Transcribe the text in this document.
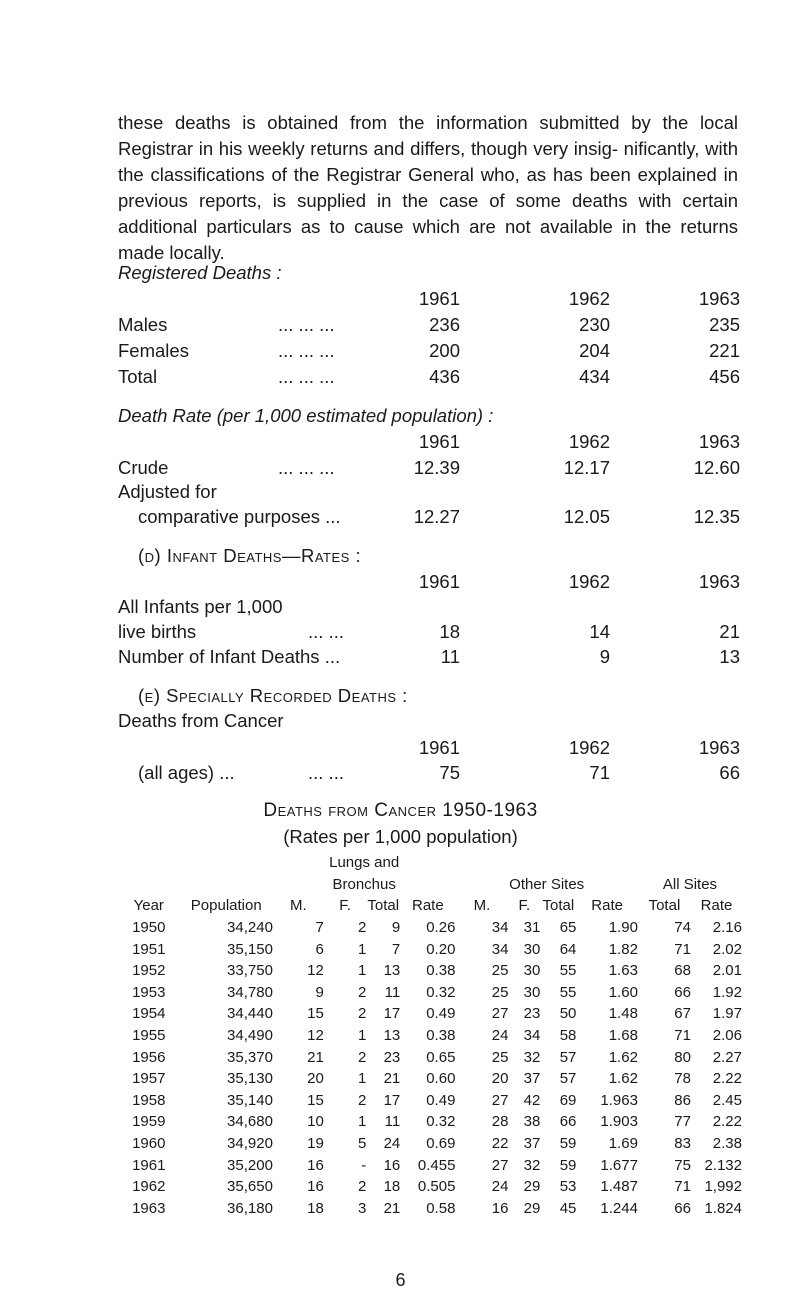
these deaths is obtained from the information submitted by the local Registrar in his weekly returns and differs, though very insig- nificantly, with the classifications of the Registrar General who, as has been explained in previous reports, is supplied in the case of some deaths with certain additional particulars as to cause which are not available in the returns made locally.

Registered Deaths :
1961	1962	1963
Males	... ... ...	236	230	235
Females	... ... ...	200	204	221
Total	... ... ...	436	434	456
Death Rate (per 1,000 estimated population) :
1961	1962	1963
Crude	... ... ...	12.39	12.17	12.60
Adjusted for
comparative purposes ...	12.27	12.05	12.35
(d) Infant Deaths—Rates :
1961	1962	1963
All Infants per 1,000
live births	... ...	18	14	21
Number of Infant Deaths ...	11	9	13
(e) Specially Recorded Deaths :
Deaths from Cancer
1961	1962	1963
(all ages) ...	... ...	75	71	66
Deaths from Cancer 1950-1963
(Rates per 1,000 population)
		Lungs and									
		Bronchus				Other Sites				All Sites	
Year	Population	M.	F.	Total	Rate	M.	F.	Total	Rate	Total	Rate
1950	34,240	7	2	9	0.26	34	31	65	1.90	74	2.16
1951	35,150	6	1	7	0.20	34	30	64	1.82	71	2.02
1952	33,750	12	1	13	0.38	25	30	55	1.63	68	2.01
1953	34,780	9	2	11	0.32	25	30	55	1.60	66	1.92
1954	34,440	15	2	17	0.49	27	23	50	1.48	67	1.97
1955	34,490	12	1	13	0.38	24	34	58	1.68	71	2.06
1956	35,370	21	2	23	0.65	25	32	57	1.62	80	2.27
1957	35,130	20	1	21	0.60	20	37	57	1.62	78	2.22
1958	35,140	15	2	17	0.49	27	42	69	1.963	86	2.45
1959	34,680	10	1	11	0.32	28	38	66	1.903	77	2.22
1960	34,920	19	5	24	0.69	22	37	59	1.69	83	2.38
1961	35,200	16	-	16	0.455	27	32	59	1.677	75	2.132
1962	35,650	16	2	18	0.505	24	29	53	1.487	71	1,992
1963	36,180	18	3	21	0.58	16	29	45	1.244	66	1.824
6
